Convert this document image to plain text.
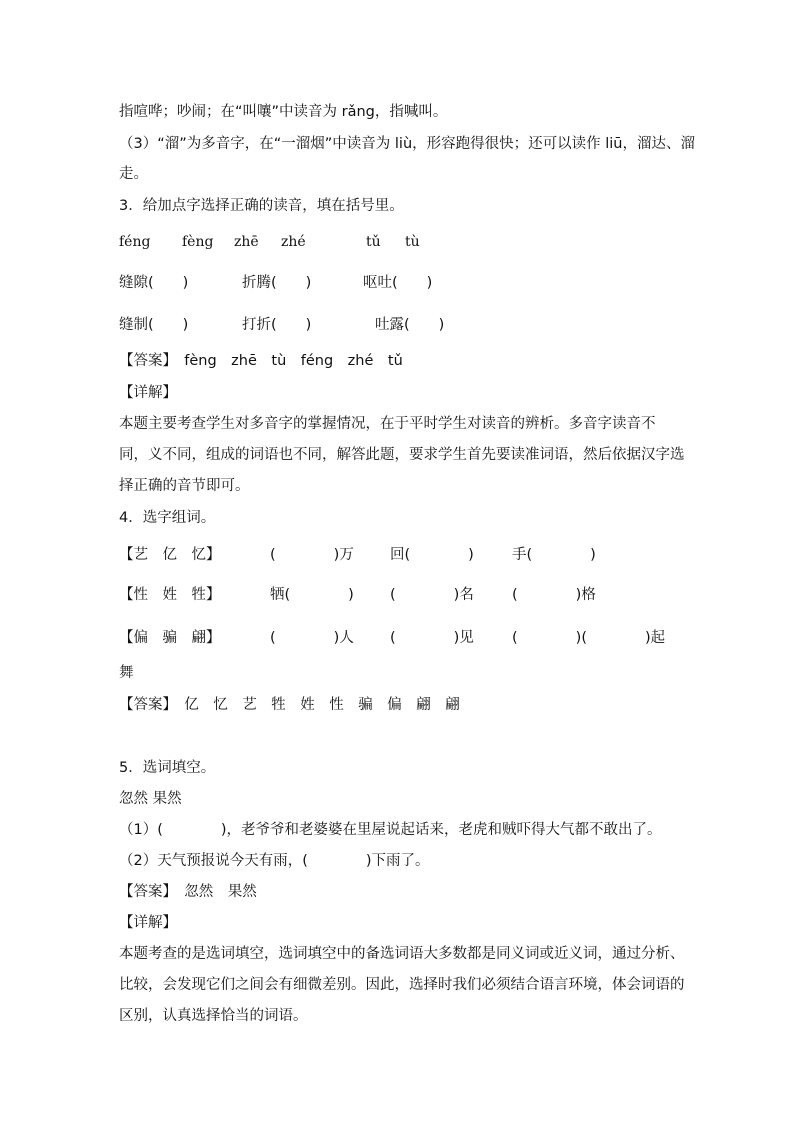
指喧哗；吵闹；在“叫嚷”中读音为 rǎng，指喊叫。
（3）“溜”为多音字，在“一溜烟”中读音为 liù，形容跑得很快；还可以读作 liū，溜达、溜
走。
3．给加点字选择正确的读音，填在括号里。
féng fèng zhē zhé	tǔ tù
缝隙(　　)	折腾(　　)	呕吐(　　)
缝制(　　)	打折(　　)	吐露(　　)
【答案】　fèng　zhē　tù　féng　zhé　tǔ
【详解】
本题主要考查学生对多音字的掌握情况，在于平时学生对读音的辨析。多音字读音不
同，义不同，组成的词语也不同，解答此题，要求学生首先要读准词语，然后依据汉字选
择正确的音节即可。
4．选字组词。
【艺　亿　忆】	(　　　　)万 回(　　　　)	手(　　　　)
【性　姓　牲】	牺(　　　　) (　　　　)名	(　　　　)格
【偏　骗　翩】	(　　　　)人 (　　　　)见	(　　　　)(　　　　)起
舞
【答案】　亿　忆　艺　牲　姓　性　骗　偏　翩　翩
5．选词填空。
忽然 果然
（1）(　　　　)，老爷爷和老婆婆在里屋说起话来，老虎和贼吓得大气都不敢出了。
（2）天气预报说今天有雨，(　　　　)下雨了。
【答案】　忽然　果然
【详解】
本题考查的是选词填空，选词填空中的备选词语大多数都是同义词或近义词，通过分析、
比较，会发现它们之间会有细微差别。因此，选择时我们必须结合语言环境，体会词语的
区别，认真选择恰当的词语。
